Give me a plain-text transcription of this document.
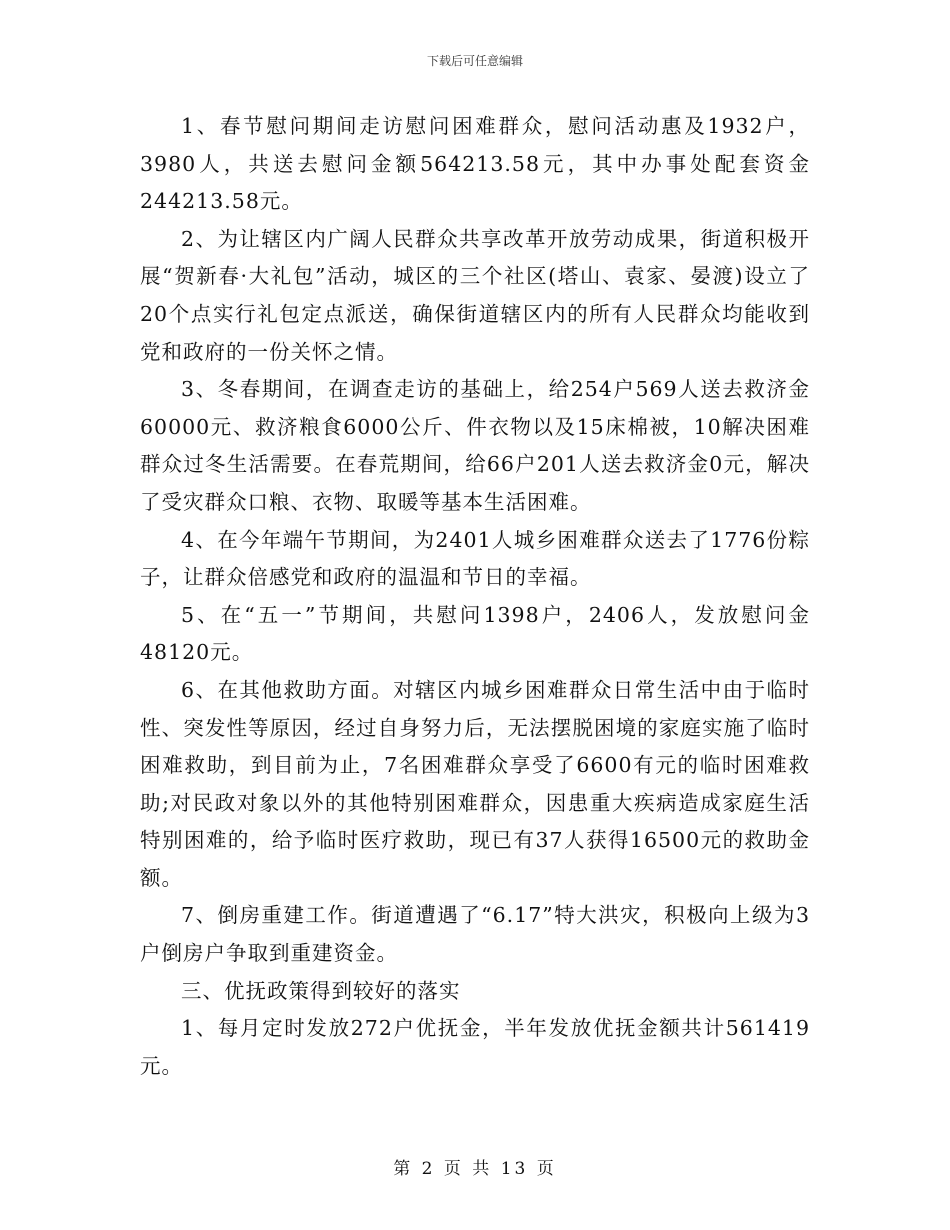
下载后可任意编辑

1、春节慰问期间走访慰问困难群众，慰问活动惠及1932户，3980人，共送去慰问金额564213.58元，其中办事处配套资金244213.58元。

2、为让辖区内广阔人民群众共享改革开放劳动成果，街道积极开展“贺新春·大礼包”活动，城区的三个社区(塔山、袁家、晏渡)设立了20个点实行礼包定点派送，确保街道辖区内的所有人民群众均能收到党和政府的一份关怀之情。

3、冬春期间，在调查走访的基础上，给254户569人送去救济金60000元、救济粮食6000公斤、件衣物以及15床棉被，10解决困难群众过冬生活需要。在春荒期间，给66户201人送去救济金0元，解决了受灾群众口粮、衣物、取暖等基本生活困难。

4、在今年端午节期间，为2401人城乡困难群众送去了1776份粽子，让群众倍感党和政府的温温和节日的幸福。

5、在“五一”节期间，共慰问1398户，2406人，发放慰问金48120元。

6、在其他救助方面。对辖区内城乡困难群众日常生活中由于临时性、突发性等原因，经过自身努力后，无法摆脱困境的家庭实施了临时困难救助，到目前为止，7名困难群众享受了6600有元的临时困难救助;对民政对象以外的其他特别困难群众，因患重大疾病造成家庭生活特别困难的，给予临时医疗救助，现已有37人获得16500元的救助金额。

7、倒房重建工作。街道遭遇了“6.17”特大洪灾，积极向上级为3户倒房户争取到重建资金。

三、优抚政策得到较好的落实

1、每月定时发放272户优抚金，半年发放优抚金额共计561419元。

第 2 页 共 13 页
